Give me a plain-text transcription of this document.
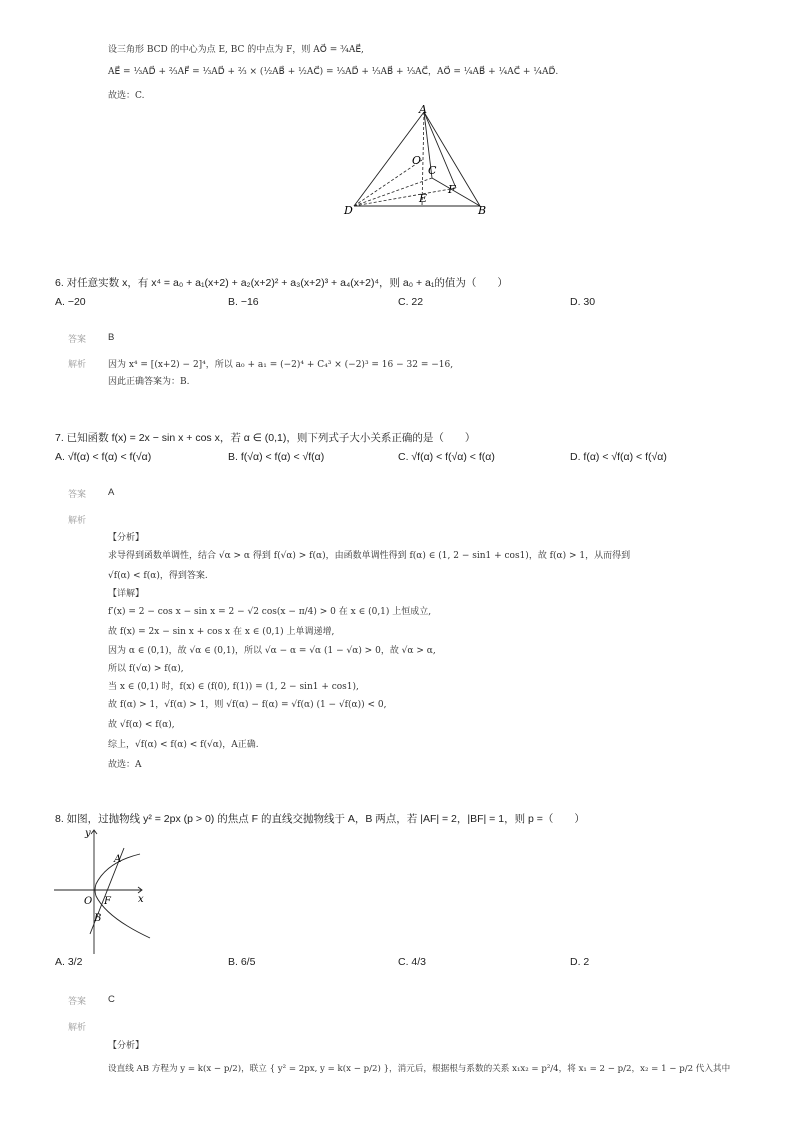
设三角形 BCD 的中心为点 E, BC 的中点为 F，则 AO⃗ = ¾AE⃗,
AE⃗ = ⅓AD⃗ + ⅔AF⃗ = ⅓AD⃗ + ⅔ × (½AB⃗ + ½AC⃗) = ⅓AD⃗ + ⅓AB⃗ + ⅓AC⃗，AO⃗ = ¼AB⃗ + ¼AC⃗ + ¼AD⃗.
故选：C.
A
O
C
F
E
D	B
6. 对任意实数 x，有 x⁴ = a₀ + a₁(x+2) + a₂(x+2)² + a₃(x+2)³ + a₄(x+2)⁴，则 a₀ + a₁的值为（　　）
A. −20	B. −16	C. 22	D. 30
答案 B
解析 因为 x⁴ = [(x+2) − 2]⁴，所以 a₀ + a₁ = (−2)⁴ + C₄³ × (−2)³ = 16 − 32 = −16,
因此正确答案为：B.
7. 已知函数 f(x) = 2x − sin x + cos x，若 α ∈ (0,1)，则下列式子大小关系正确的是（　　）
A. √f(α) < f(α) < f(√α)	B. f(√α) < f(α) < √f(α)	C. √f(α) < f(√α) < f(α)	D. f(α) < √f(α) < f(√α)
答案 A
解析
【分析】
求导得到函数单调性，结合 √α > α 得到 f(√α) > f(α)，由函数单调性得到 f(α) ∈ (1, 2 − sin1 + cos1)，故 f(α) > 1，从而得到
√f(α) < f(α)，得到答案.
【详解】
f′(x) = 2 − cos x − sin x = 2 − √2 cos(x − π/4) > 0 在 x ∈ (0,1) 上恒成立,
故 f(x) = 2x − sin x + cos x 在 x ∈ (0,1) 上单调递增,
因为 α ∈ (0,1)，故 √α ∈ (0,1)，所以 √α − α = √α (1 − √α) > 0，故 √α > α,
所以 f(√α) > f(α),
当 x ∈ (0,1) 时，f(x) ∈ (f(0), f(1)) = (1, 2 − sin1 + cos1),
故 f(α) > 1，√f(α) > 1，则 √f(α) − f(α) = √f(α) (1 − √f(α)) < 0,
故 √f(α) < f(α),
综上，√f(α) < f(α) < f(√α)，A正确.
故选：A
8. 如图，过抛物线 y² = 2px (p > 0) 的焦点 F 的直线交抛物线于 A，B 两点，若 |AF| = 2，|BF| = 1，则 p =（　　）
y
A
O F	x
B
A. 3/2	B. 6/5	C. 4/3	D. 2
答案 C
解析
【分析】
设直线 AB 方程为 y = k(x − p/2)，联立 { y² = 2px, y = k(x − p/2) }，消元后，根据根与系数的关系 x₁x₂ = p²/4，将 x₁ = 2 − p/2，x₂ = 1 − p/2 代入其中
